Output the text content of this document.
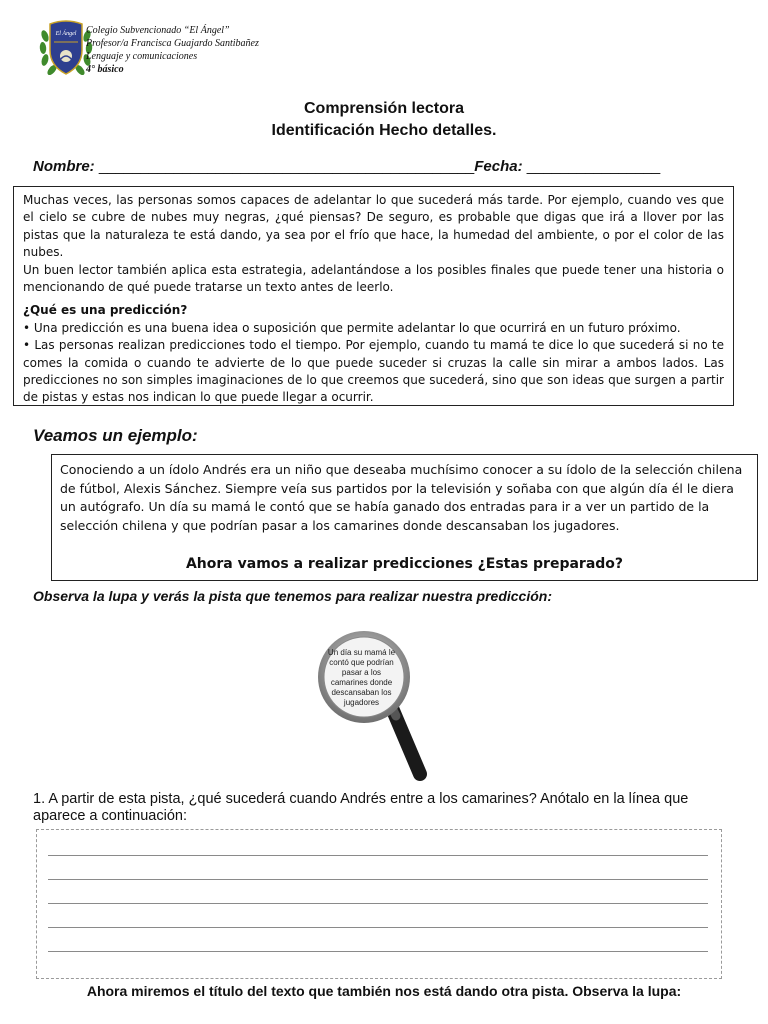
El Ángel Colegio Subvencionado “El Ángel”
Profesor/a Francisca Guajardo Santibañez
Lenguaje y comunicaciones
4° básico
Comprensión lectora
Identificación Hecho detalles.
Nombre: _____________________________________________Fecha: ________________

Muchas veces, las personas somos capaces de adelantar lo que sucederá más tarde. Por ejemplo, cuando ves que el cielo se cubre de nubes muy negras, ¿qué piensas? De seguro, es probable que digas que irá a llover por las pistas que la naturaleza te está dando, ya sea por el frío que hace, la humedad del ambiente, o por el color de las nubes.

Un buen lector también aplica esta estrategia, adelantándose a los posibles finales que puede tener una historia o mencionando de qué puede tratarse un texto antes de leerlo.

¿Qué es una predicción?

• Una predicción es una buena idea o suposición que permite adelantar lo que ocurrirá en un futuro próximo.

• Las personas realizan predicciones todo el tiempo. Por ejemplo, cuando tu mamá te dice lo que sucederá si no te comes la comida o cuando te advierte de lo que puede suceder si cruzas la calle sin mirar a ambos lados. Las predicciones no son simples imaginaciones de lo que creemos que sucederá, sino que son ideas que surgen a partir de pistas y estas nos indican lo que puede llegar a ocurrir.

Veamos un ejemplo:

Conociendo a un ídolo Andrés era un niño que deseaba muchísimo conocer a su ídolo de la selección chilena de fútbol, Alexis Sánchez. Siempre veía sus partidos por la televisión y soñaba con que algún día él le diera un autógrafo. Un día su mamá le contó que se había ganado dos entradas para ir a ver un partido de la selección chilena y que podrían pasar a los camarines donde descansaban los jugadores.

Ahora vamos a realizar predicciones ¿Estas preparado?

Observa la lupa y verás la pista que tenemos para realizar nuestra predicción:
Un día su mamá le contó que podrían pasar a los camarines donde descansaban los jugadores
1. A partir de esta pista, ¿qué sucederá cuando Andrés entre a los camarines? Anótalo en la línea que aparece a continuación:
Ahora miremos el título del texto que también nos está dando otra pista. Observa la lupa:
